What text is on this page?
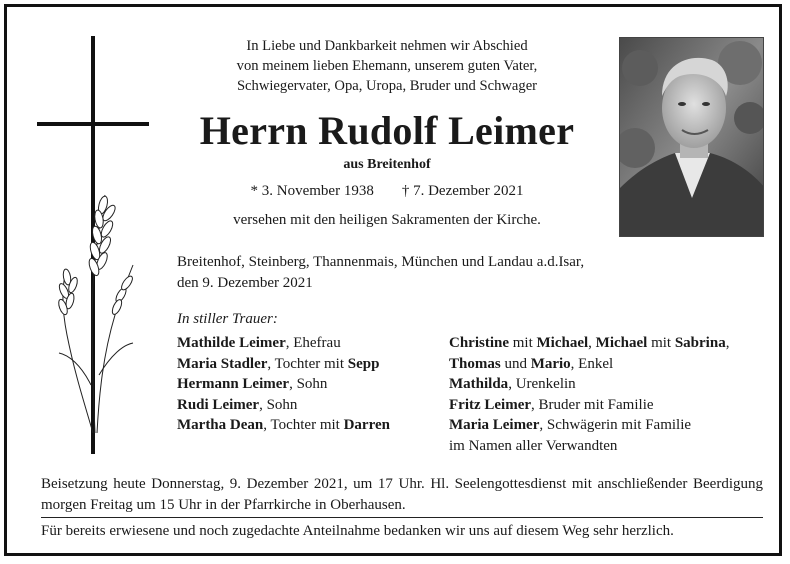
In Liebe und Dankbarkeit nehmen wir Abschied
von meinem lieben Ehemann, unserem guten Vater,
Schwiegervater, Opa, Uropa, Bruder und Schwager
Herrn Rudolf Leimer
aus Breitenhof
* 3. November 1938 † 7. Dezember 2021
versehen mit den heiligen Sakramenten der Kirche.
Breitenhof, Steinberg, Thannenmais, München und Landau a.d.Isar,
den 9. Dezember 2021
In stiller Trauer:
Mathilde Leimer, Ehefrau
Maria Stadler, Tochter mit Sepp
Hermann Leimer, Sohn
Rudi Leimer, Sohn
Martha Dean, Tochter mit Darren
Christine mit Michael, Michael mit Sabrina,
Thomas und Mario, Enkel
Mathilda, Urenkelin
Fritz Leimer, Bruder mit Familie
Maria Leimer, Schwägerin mit Familie
im Namen aller Verwandten
Beisetzung heute Donnerstag, 9. Dezember 2021, um 17 Uhr. Hl. Seelengottesdienst mit anschließender Beerdigung morgen Freitag um 15 Uhr in der Pfarrkirche in Oberhausen.
Für bereits erwiesene und noch zugedachte Anteilnahme bedanken wir uns auf diesem Weg sehr herzlich.
